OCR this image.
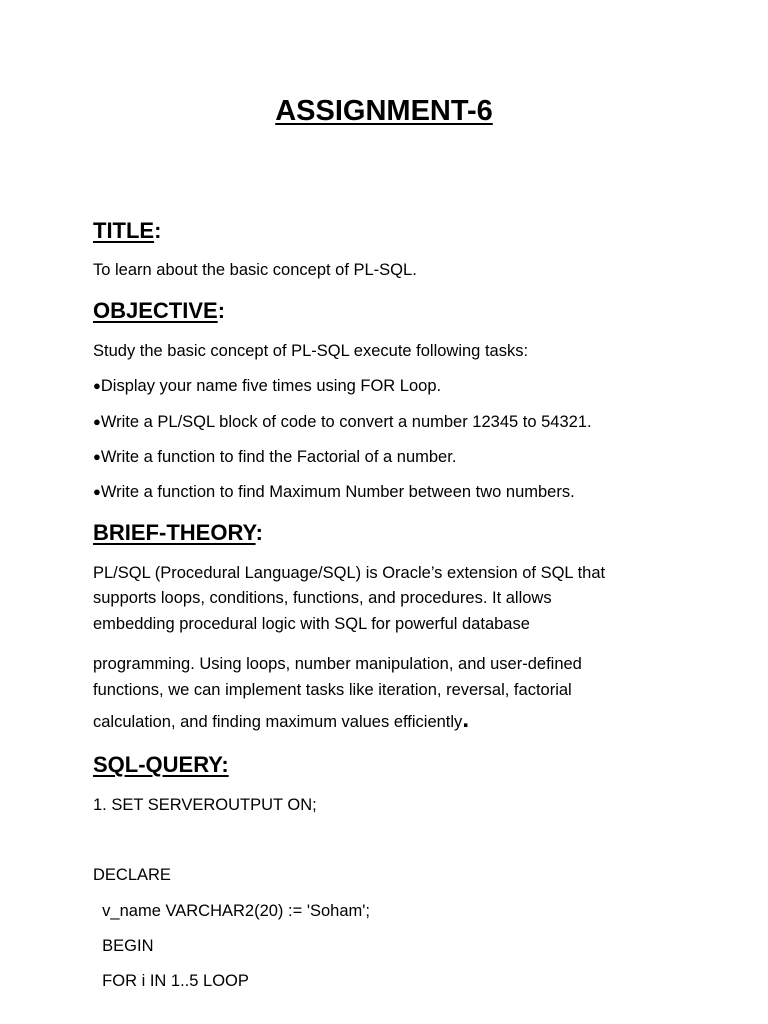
ASSIGNMENT-6
TITLE:

To learn about the basic concept of PL-SQL.

OBJECTIVE:

Study the basic concept of PL-SQL execute following tasks:

●Display your name five times using FOR Loop.

●Write a PL/SQL block of code to convert a number 12345 to 54321.

●Write a function to find the Factorial of a number.

●Write a function to find Maximum Number between two numbers.

BRIEF-THEORY:

PL/SQL (Procedural Language/SQL) is Oracle’s extension of SQL that

supports loops, conditions, functions, and procedures. It allows

embedding procedural logic with SQL for powerful database

programming. Using loops, number manipulation, and user-defined

functions, we can implement tasks like iteration, reversal, factorial

calculation, and finding maximum values efficiently.

SQL-QUERY:

1. SET SERVEROUTPUT ON;

DECLARE

v_name VARCHAR2(20) := 'Soham';

BEGIN

FOR i IN 1..5 LOOP
